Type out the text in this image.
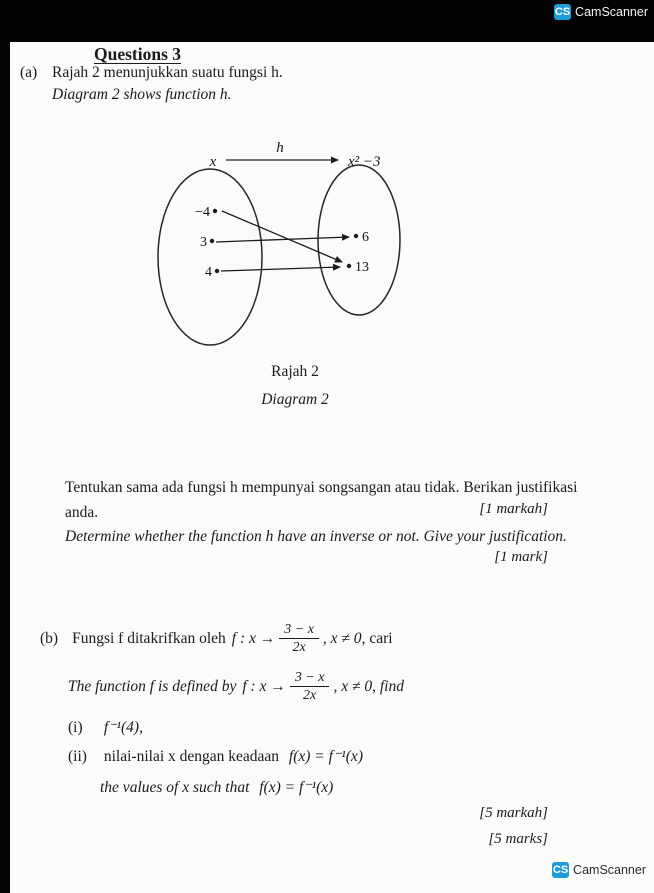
CS CamScanner
Questions 3
(a) Rajah 2 menunjukkan suatu fungsi h.
Diagram 2 shows function h.
x
h
x² −3
−4
3
4
6
13
Rajah 2
Diagram 2
Tentukan sama ada fungsi h mempunyai songsangan atau tidak. Berikan justifikasi
anda.	[1 markah]
Determine whether the function h have an inverse or not. Give your justification.
[1 mark]
(b) Fungsi f ditakrifkan oleh f : $x \to \frac{3 - x}{2x}$ , x ≠ 0 , cari
The function f is defined by f : $x \to \frac{3 - x}{2x}$ , x ≠ 0 , find
(i) f⁻¹(4),
(ii) nilai-nilai x dengan keadaan f(x) = f⁻¹(x)
the values of x such that f(x) = f⁻¹(x)
[5 markah]
[5 marks]
CS CamScanner
